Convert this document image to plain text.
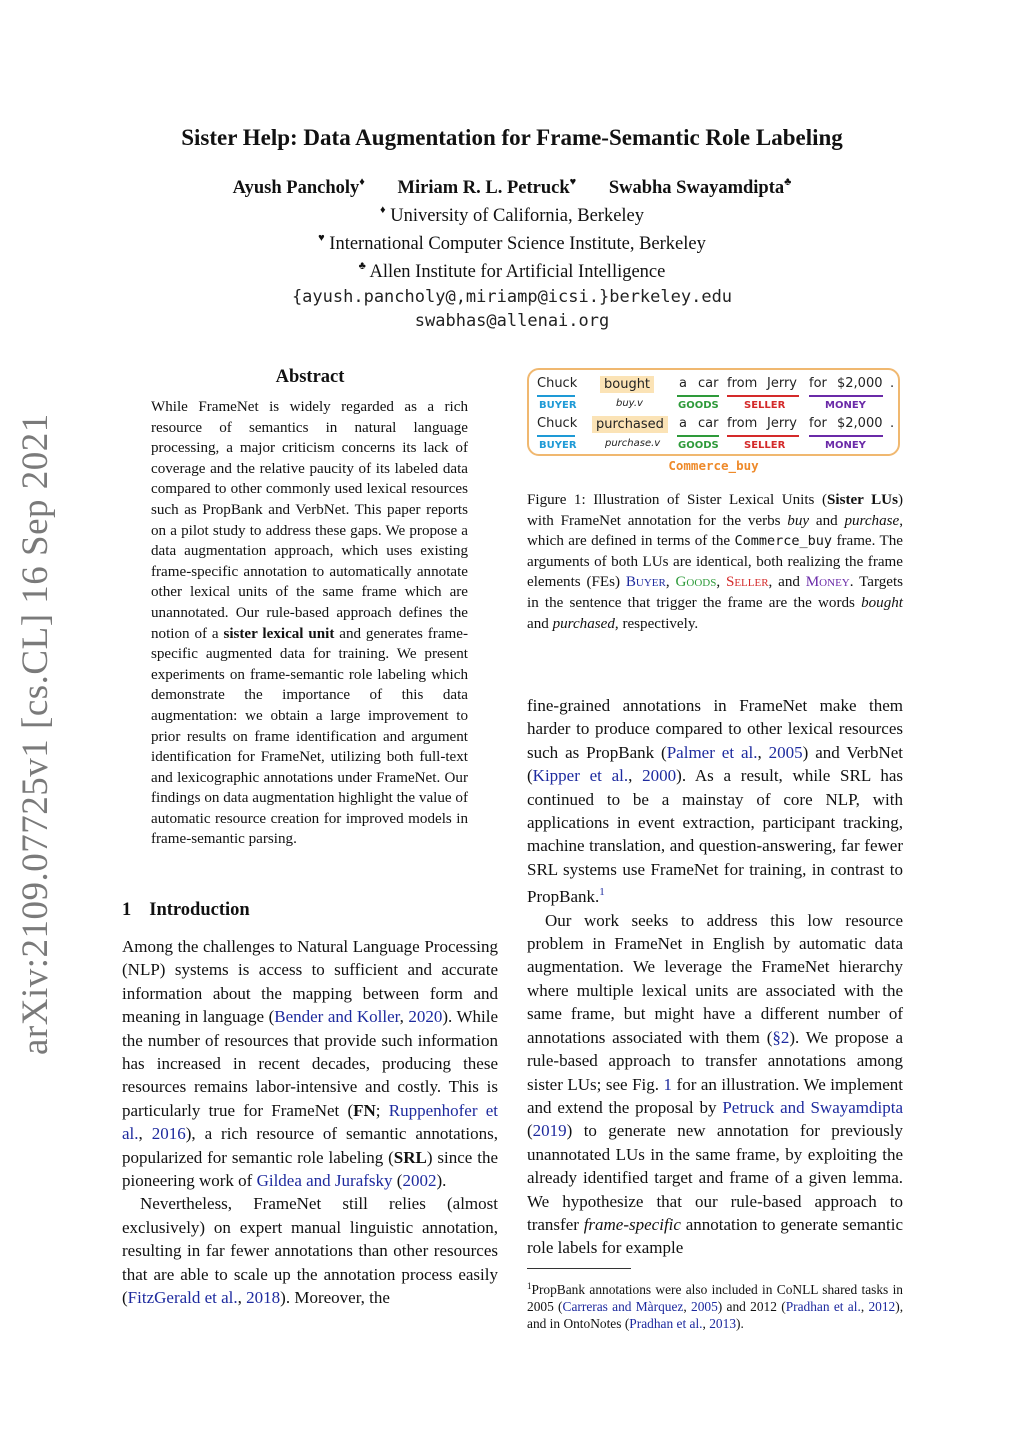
arXiv:2109.07725v1 [cs.CL] 16 Sep 2021
Sister Help: Data Augmentation for Frame-Semantic Role Labeling
Ayush Pancholy♦ Miriam R. L. Petruck♥ Swabha Swayamdipta♣
♦ University of California, Berkeley
♥ International Computer Science Institute, Berkeley
♣ Allen Institute for Artificial Intelligence
{ayush.pancholy@,miriamp@icsi.}berkeley.edu
swabhas@allenai.org
Abstract
While FrameNet is widely regarded as a rich resource of semantics in natural language processing, a major criticism concerns its lack of coverage and the relative paucity of its labeled data compared to other commonly used lexical resources such as PropBank and VerbNet. This paper reports on a pilot study to address these gaps. We propose a data augmentation approach, which uses existing frame-specific annotation to automatically annotate other lexical units of the same frame which are unannotated. Our rule-based approach defines the notion of a sister lexical unit and generates frame-specific augmented data for training. We present experiments on frame-semantic role labeling which demonstrate the importance of this data augmentation: we obtain a large improvement to prior results on frame identification and argument identification for FrameNet, utilizing both full-text and lexicographic annotations under FrameNet. Our findings on data augmentation highlight the value of automatic resource creation for improved models in frame-semantic parsing.
1 Introduction

Among the challenges to Natural Language Processing (NLP) systems is access to sufficient and accurate information about the mapping between form and meaning in language (Bender and Koller, 2020). While the number of resources that provide such information has increased in recent decades, producing these resources remains labor-intensive and costly. This is particularly true for FrameNet (FN; Ruppenhofer et al., 2016), a rich resource of semantic annotations, popularized for semantic role labeling (SRL) since the pioneering work of Gildea and Jurafsky (2002).

Nevertheless, FrameNet still relies (almost exclusively) on expert manual linguistic annotation, resulting in far fewer annotations than other resources that are able to scale up the annotation process easily (FitzGerald et al., 2018). Moreover, the

Chuck	bought	a car from Jerry for $2,000 .
BUYER	buy.v	GOODS	SELLER	MONEY
Chuck	purchased	a car from Jerry for $2,000 .
BUYER	purchase.v GOODS	SELLER	MONEY
Commerce_buy
Figure 1: Illustration of Sister Lexical Units (Sister LUs) with FrameNet annotation for the verbs buy and purchase, which are defined in terms of the Commerce_buy frame. The arguments of both LUs are identical, both realizing the frame elements (FEs) Buyer, Goods, Seller, and Money. Targets in the sentence that trigger the frame are the words bought and purchased, respectively.

fine-grained annotations in FrameNet make them harder to produce compared to other lexical resources such as PropBank (Palmer et al., 2005) and VerbNet (Kipper et al., 2000). As a result, while SRL has continued to be a mainstay of core NLP, with applications in event extraction, participant tracking, machine translation, and question-answering, far fewer SRL systems use FrameNet for training, in contrast to PropBank.$^1$

Our work seeks to address this low resource problem in FrameNet in English by automatic data augmentation. We leverage the FrameNet hierarchy where multiple lexical units are associated with the same frame, but might have a different number of annotations associated with them (§2). We propose a rule-based approach to transfer annotations among sister LUs; see Fig. 1 for an illustration. We implement and extend the proposal by Petruck and Swayamdipta (2019) to generate new annotation for previously unannotated LUs in the same frame, by exploiting the already identified target and frame of a given lemma. We hypothesize that our rule-based approach to transfer frame-specific annotation to generate semantic role labels for example

$^1$PropBank annotations were also included in CoNLL shared tasks in 2005 (Carreras and Màrquez, 2005) and 2012 (Pradhan et al., 2012), and in OntoNotes (Pradhan et al., 2013).
